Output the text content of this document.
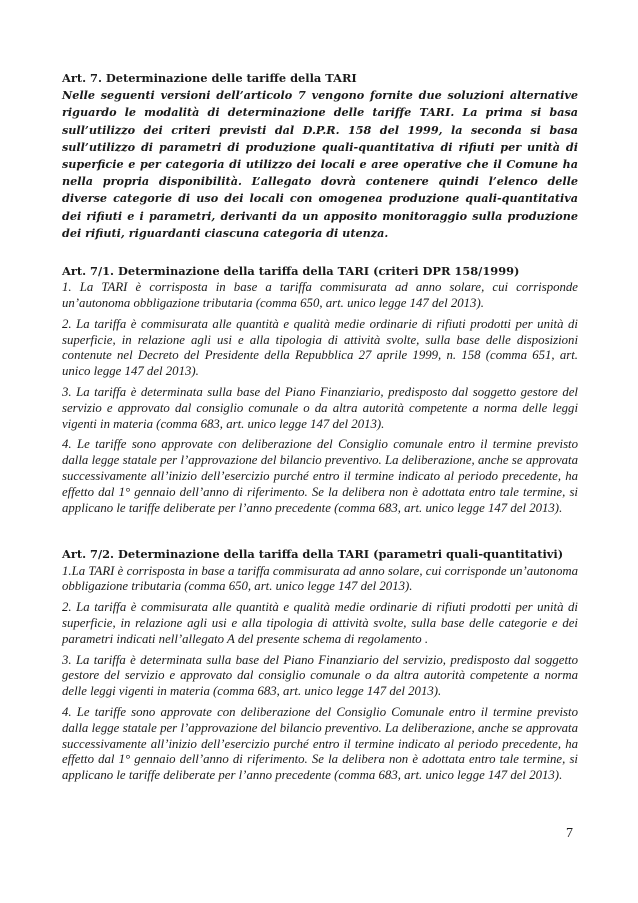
Art. 7. Determinazione delle tariffe della TARI

Nelle seguenti versioni dell’articolo 7 vengono fornite due soluzioni alternative riguardo le modalità di determinazione delle tariffe TARI. La prima si basa sull’utilizzo dei criteri previsti dal D.P.R. 158 del 1999, la seconda si basa sull’utilizzo di parametri di produzione quali-quantitativa di rifiuti per unità di superficie e per categoria di utilizzo dei locali e aree operative che il Comune ha nella propria disponibilità. L’allegato dovrà contenere quindi l’elenco delle diverse categorie di uso dei locali con omogenea produzione quali-quantitativa dei rifiuti e i parametri, derivanti da un apposito monitoraggio sulla produzione dei rifiuti, riguardanti ciascuna categoria di utenza.

Art. 7/1. Determinazione della tariffa della TARI (criteri DPR 158/1999)

1. La TARI è corrisposta in base a tariffa commisurata ad anno solare, cui corrisponde un’autonoma obbligazione tributaria (comma 650, art. unico legge 147 del 2013).

2. La tariffa è commisurata alle quantità e qualità medie ordinarie di rifiuti prodotti per unità di superficie, in relazione agli usi e alla tipologia di attività svolte, sulla base delle disposizioni contenute nel Decreto del Presidente della Repubblica 27 aprile 1999, n. 158 (comma 651, art. unico legge 147 del 2013).

3. La tariffa è determinata sulla base del Piano Finanziario, predisposto dal soggetto gestore del servizio e approvato dal consiglio comunale o da altra autorità competente a norma delle leggi vigenti in materia (comma 683, art. unico legge 147 del 2013).

4. Le tariffe sono approvate con deliberazione del Consiglio comunale entro il termine previsto dalla legge statale per l’approvazione del bilancio preventivo. La deliberazione, anche se approvata successivamente all’inizio dell’esercizio purché entro il termine indicato al periodo precedente, ha effetto dal 1° gennaio dell’anno di riferimento. Se la delibera non è adottata entro tale termine, si applicano le tariffe deliberate per l’anno precedente (comma 683, art. unico legge 147 del 2013).

Art. 7/2. Determinazione della tariffa della TARI (parametri quali-quantitativi)

1.La TARI è corrisposta in base a tariffa commisurata ad anno solare, cui corrisponde un’autonoma obbligazione tributaria (comma 650, art. unico legge 147 del 2013).

2. La tariffa è commisurata alle quantità e qualità medie ordinarie di rifiuti prodotti per unità di superficie, in relazione agli usi e alla tipologia di attività svolte, sulla base delle categorie e dei parametri indicati nell’allegato A del presente schema di regolamento .

3. La tariffa è determinata sulla base del Piano Finanziario del servizio, predisposto dal soggetto gestore del servizio e approvato dal consiglio comunale o da altra autorità competente a norma delle leggi vigenti in materia (comma 683, art. unico legge 147 del 2013).

4. Le tariffe sono approvate con deliberazione del Consiglio Comunale entro il termine previsto dalla legge statale per l’approvazione del bilancio preventivo. La deliberazione, anche se approvata successivamente all’inizio dell’esercizio purché entro il termine indicato al periodo precedente, ha effetto dal 1° gennaio dell’anno di riferimento. Se la delibera non è adottata entro tale termine, si applicano le tariffe deliberate per l’anno precedente (comma 683, art. unico legge 147 del 2013).

7
